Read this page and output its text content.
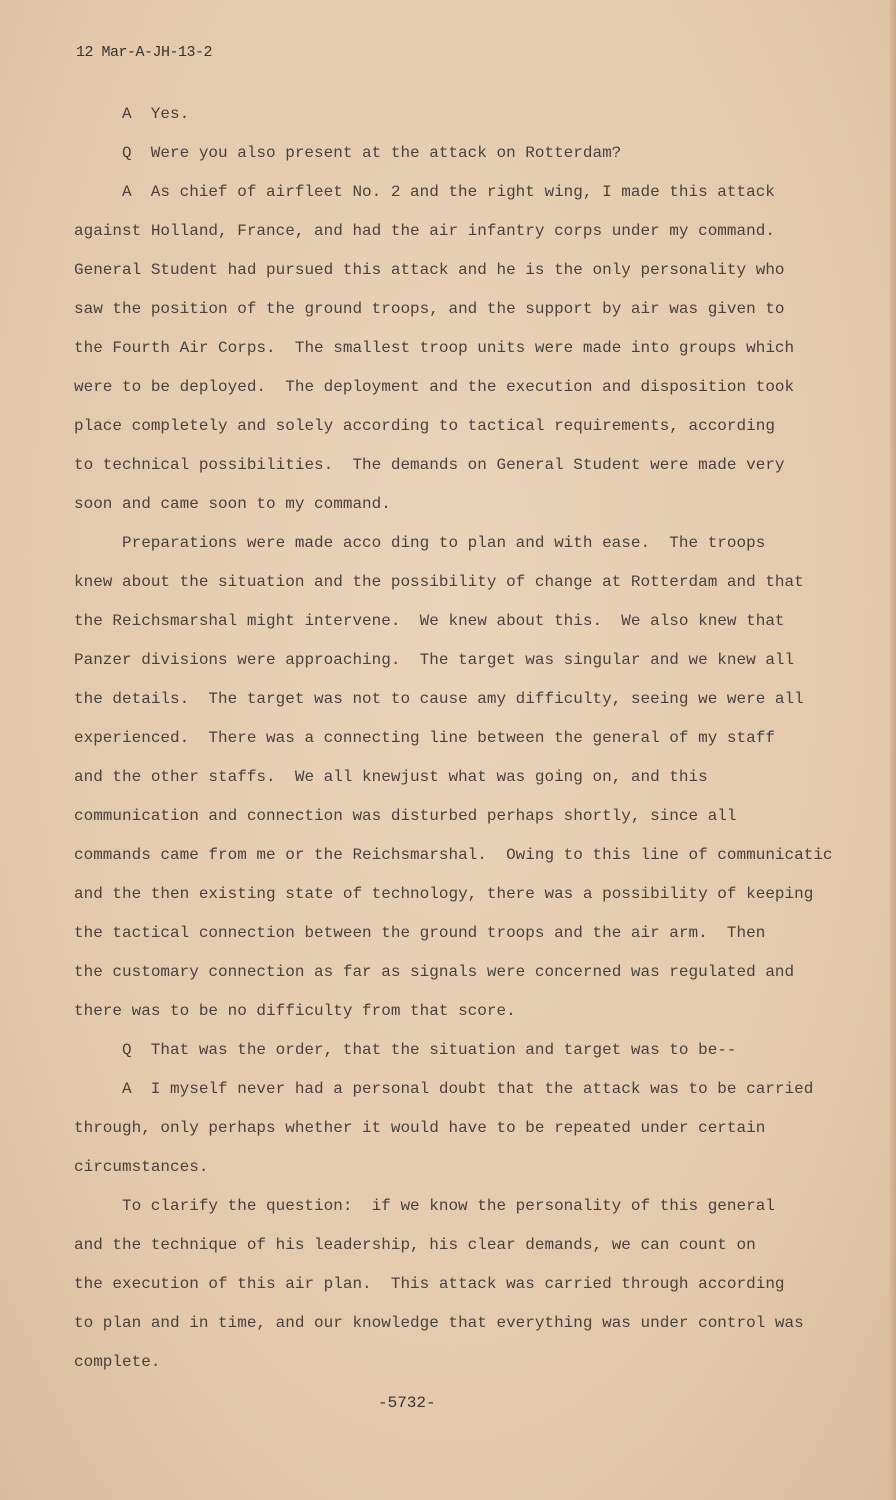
12 Mar-A-JH-13-2
A  Yes.
Q  Were you also present at the attack on Rotterdam?
A  As chief of airfleet No. 2 and the right wing, I made this attack
against Holland, France, and had the air infantry corps under my command.
General Student had pursued this attack and he is the only personality who
saw the position of the ground troops, and the support by air was given to
the Fourth Air Corps.  The smallest troop units were made into groups which
were to be deployed.  The deployment and the execution and disposition took
place completely and solely according to tactical requirements, according
to technical possibilities.  The demands on General Student were made very
soon and came soon to my command.
Preparations were made acco ding to plan and with ease.  The troops
knew about the situation and the possibility of change at Rotterdam and that
the Reichsmarshal might intervene.  We knew about this.  We also knew that
Panzer divisions were approaching.  The target was singular and we knew all
the details.  The target was not to cause amy difficulty, seeing we were all
experienced.  There was a connecting line between the general of my staff
and the other staffs.  We all knewjust what was going on, and this
communication and connection was disturbed perhaps shortly, since all
commands came from me or the Reichsmarshal.  Owing to this line of communicatic
and the then existing state of technology, there was a possibility of keeping
the tactical connection between the ground troops and the air arm.  Then
the customary connection as far as signals were concerned was regulated and
there was to be no difficulty from that score.
Q  That was the order, that the situation and target was to be--
A  I myself never had a personal doubt that the attack was to be carried
through, only perhaps whether it would have to be repeated under certain
circumstances.
To clarify the question:  if we know the personality of this general
and the technique of his leadership, his clear demands, we can count on
the execution of this air plan.  This attack was carried through according
to plan and in time, and our knowledge that everything was under control was
complete.
-5732-
